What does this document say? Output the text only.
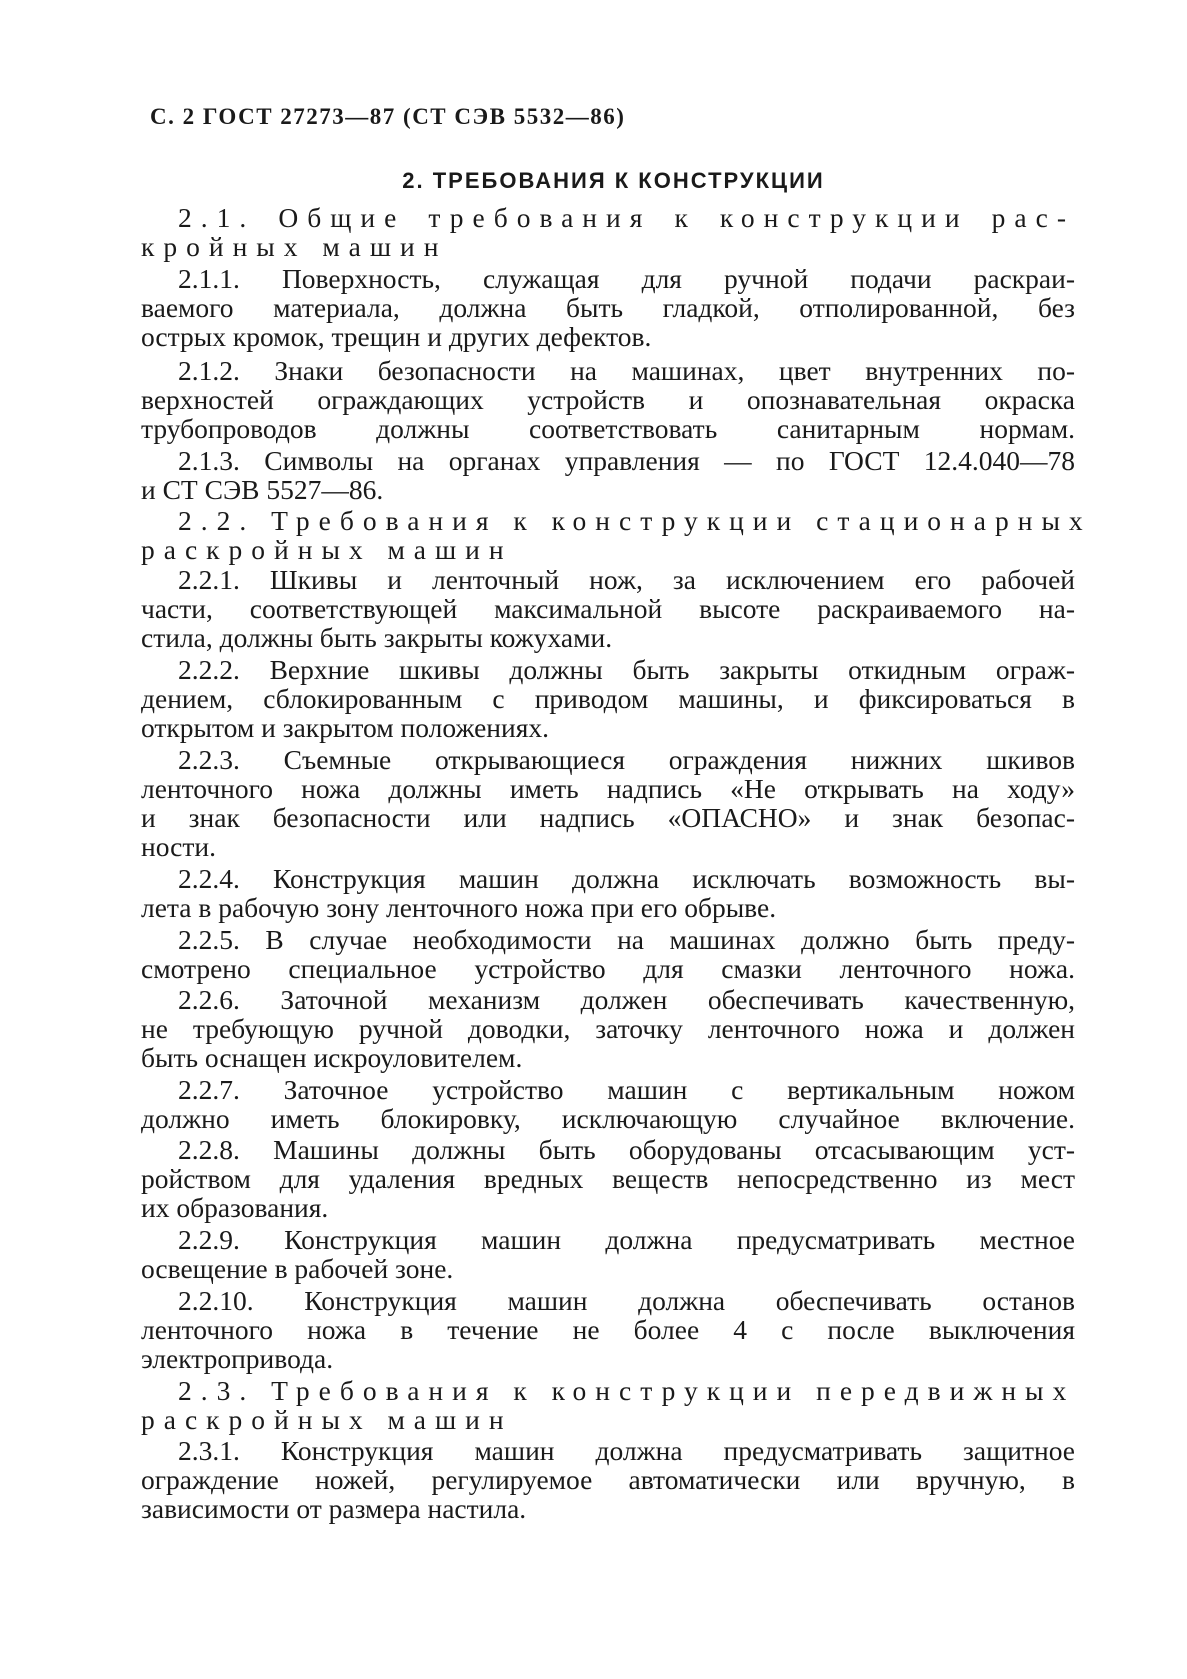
С. 2 ГОСТ 27273—87 (СТ СЭВ 5532—86)
2. ТРЕБОВАНИЯ К КОНСТРУКЦИИ
2.1. Общие требования к конструкции рас-
кройных машин
2.1.1. Поверхность, служащая для ручной подачи раскраи-
ваемого материала, должна быть гладкой, отполированной, без
острых кромок, трещин и других дефектов.
2.1.2. Знаки безопасности на машинах, цвет внутренних по-
верхностей ограждающих устройств и опознавательная окраска
трубопроводов должны соответствовать санитарным нормам.
2.1.3. Символы на органах управления — по ГОСТ 12.4.040—78
и СТ СЭВ 5527—86.
2.2. Требования к конструкции стационарных
раскройных машин
2.2.1. Шкивы и ленточный нож, за исключением его рабочей
части, соответствующей максимальной высоте раскраиваемого на-
стила, должны быть закрыты кожухами.
2.2.2. Верхние шкивы должны быть закрыты откидным ограж-
дением, сблокированным с приводом машины, и фиксироваться в
открытом и закрытом положениях.
2.2.3. Съемные открывающиеся ограждения нижних шкивов
ленточного ножа должны иметь надпись «Не открывать на ходу»
и знак безопасности или надпись «ОПАСНО» и знак безопас-
ности.
2.2.4. Конструкция машин должна исключать возможность вы-
лета в рабочую зону ленточного ножа при его обрыве.
2.2.5. В случае необходимости на машинах должно быть преду-
смотрено специальное устройство для смазки ленточного ножа.
2.2.6. Заточной механизм должен обеспечивать качественную,
не требующую ручной доводки, заточку ленточного ножа и должен
быть оснащен искроуловителем.
2.2.7. Заточное устройство машин с вертикальным ножом
должно иметь блокировку, исключающую случайное включение.
2.2.8. Машины должны быть оборудованы отсасывающим уст-
ройством для удаления вредных веществ непосредственно из мест
их образования.
2.2.9. Конструкция машин должна предусматривать местное
освещение в рабочей зоне.
2.2.10. Конструкция машин должна обеспечивать останов
ленточного ножа в течение не более 4 с после выключения
электропривода.
2.3. Требования к конструкции передвижных
раскройных машин
2.3.1. Конструкция машин должна предусматривать защитное
ограждение ножей, регулируемое автоматически или вручную, в
зависимости от размера настила.
